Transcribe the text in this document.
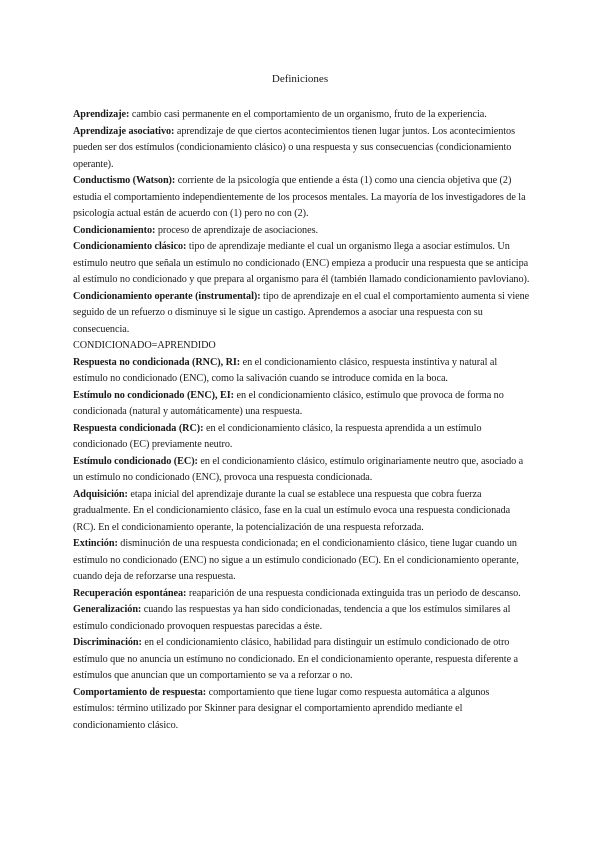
Definiciones

Aprendizaje: cambio casi permanente en el comportamiento de un organismo, fruto de la experiencia.

Aprendizaje asociativo: aprendizaje de que ciertos acontecimientos tienen lugar juntos. Los acontecimientos pueden ser dos estímulos (condicionamiento clásico) o una respuesta y sus consecuencias (condicionamiento operante).

Conductismo (Watson): corriente de la psicología que entiende a ésta (1) como una ciencia objetiva que (2) estudia el comportamiento independientemente de los procesos mentales. La mayoría de los investigadores de la psicología actual están de acuerdo con (1) pero no con (2).

Condicionamiento: proceso de aprendizaje de asociaciones.

Condicionamiento clásico: tipo de aprendizaje mediante el cual un organismo llega a asociar estímulos. Un estímulo neutro que señala un estímulo no condicionado (ENC) empieza a producir una respuesta que se anticipa al estímulo no condicionado y que prepara al organismo para él (también llamado condicionamiento pavloviano).

Condicionamiento operante (instrumental): tipo de aprendizaje en el cual el comportamiento aumenta si viene seguido de un refuerzo o disminuye si le sigue un castigo. Aprendemos a asociar una respuesta con su consecuencia.

CONDICIONADO=APRENDIDO

Respuesta no condicionada (RNC), RI: en el condicionamiento clásico, respuesta instintiva y natural al estímulo no condicionado (ENC), como la salivación cuando se introduce comida en la boca.

Estímulo no condicionado (ENC), EI: en el condicionamiento clásico, estímulo que provoca de forma no condicionada (natural y automáticamente) una respuesta.

Respuesta condicionada (RC): en el condicionamiento clásico, la respuesta aprendida a un estímulo condicionado (EC) previamente neutro.

Estímulo condicionado (EC): en el condicionamiento clásico, estímulo originariamente neutro que, asociado a un estímulo no condicionado (ENC), provoca una respuesta condicionada.

Adquisición: etapa inicial del aprendizaje durante la cual se establece una respuesta que cobra fuerza gradualmente. En el condicionamiento clásico, fase en la cual un estímulo evoca una respuesta condicionada (RC). En el condicionamiento operante, la potencialización de una respuesta reforzada.

Extinción: disminución de una respuesta condicionada; en el condicionamiento clásico, tiene lugar cuando un estímulo no condicionado (ENC) no sigue a un estímulo condicionado (EC). En el condicionamiento operante, cuando deja de reforzarse una respuesta.

Recuperación espontánea: reaparición de una respuesta condicionada extinguida tras un periodo de descanso.

Generalización: cuando las respuestas ya han sido condicionadas, tendencia a que los estímulos similares al estímulo condicionado provoquen respuestas parecidas a éste.

Discriminación: en el condicionamiento clásico, habilidad para distinguir un estímulo condicionado de otro estímulo que no anuncia un estímuno no condicionado. En el condicionamiento operante, respuesta diferente a estímulos que anuncian que un comportamiento se va a reforzar o no.

Comportamiento de respuesta: comportamiento que tiene lugar como respuesta automática a algunos estímulos: término utilizado por Skinner para designar el comportamiento aprendido mediante el condicionamiento clásico.
